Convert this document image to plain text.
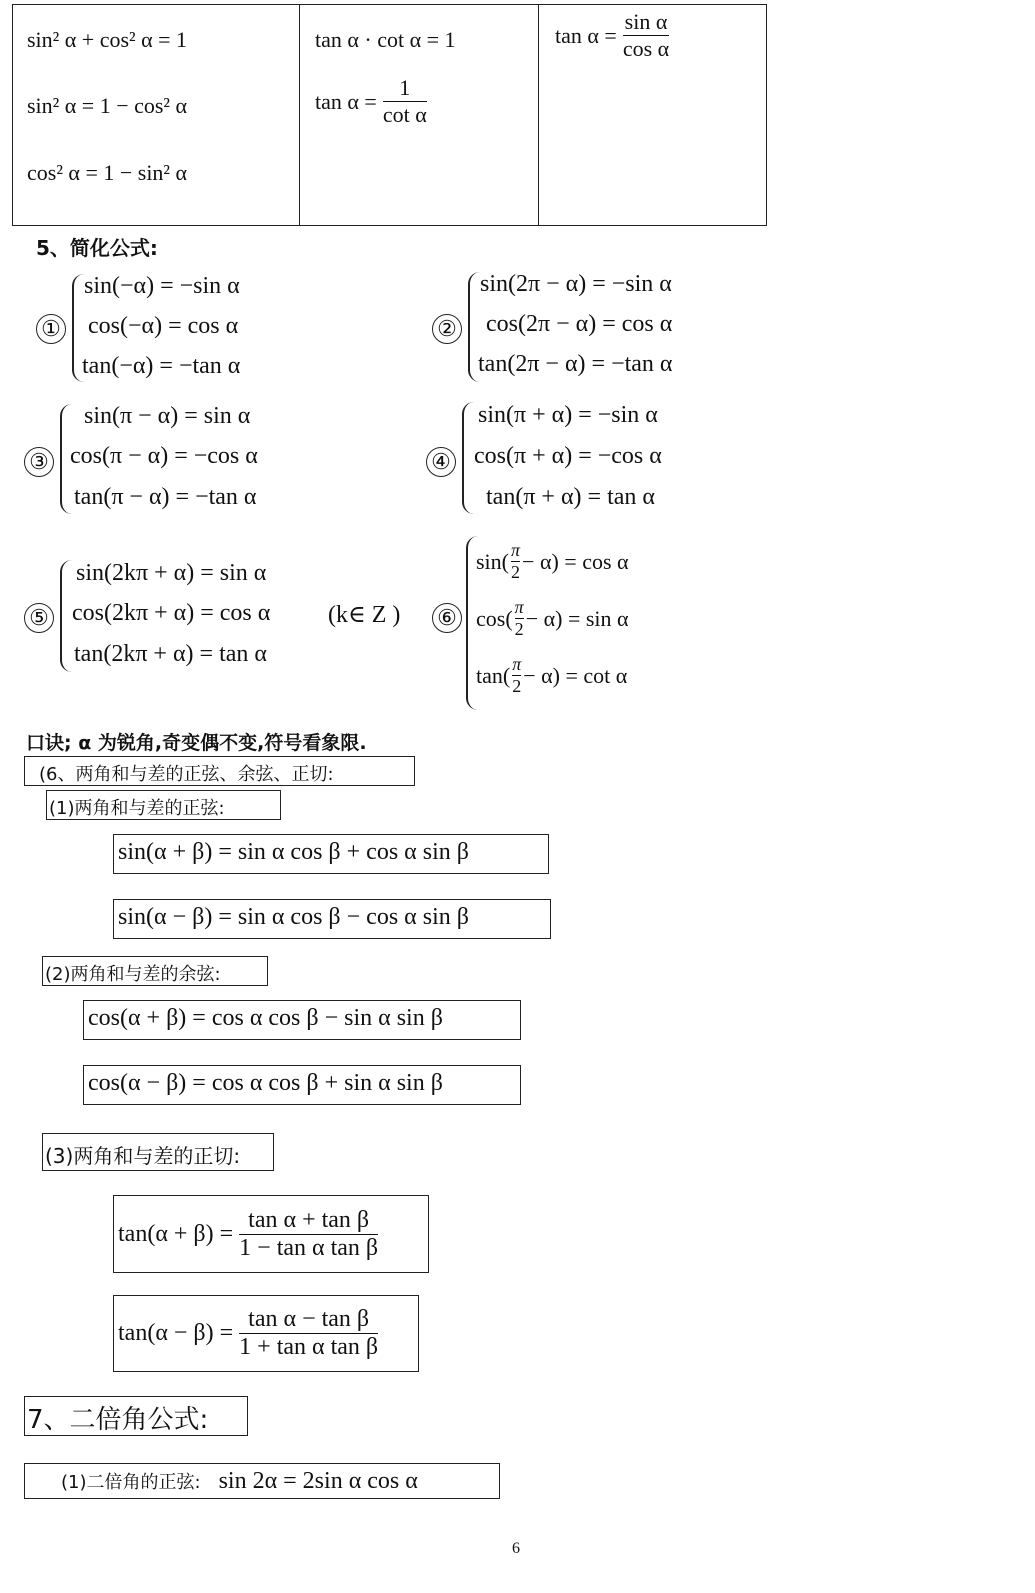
sin² α + cos² α = 1
sin² α = 1 − cos² α
cos² α = 1 − sin² α
tan α · cot α = 1
$\tan \alpha = \frac{1}{\text{cot α}}$
$\tan \alpha = \frac{\text{sin α}}{\text{cos α}}$
5、简化公式:
①
sin(−α) = −sin α
cos(−α) = cos α
tan(−α) = −tan α
②
sin(2π − α) = −sin α
cos(2π − α) = cos α
tan(2π − α) = −tan α
③
sin(π − α) = sin α
cos(π − α) = −cos α
tan(π − α) = −tan α
④
sin(π + α) = −sin α
cos(π + α) = −cos α
tan(π + α) = tan α
⑤
sin(2kπ + α) = sin α
cos(2kπ + α) = cos α
tan(2kπ + α) = tan α
(k∈ Z ) ⑥
$\sin( \frac{\pi}{2} - \alpha) = \cos \alpha$
$\cos( \frac{\pi}{2} - \alpha) = \sin \alpha$
$\tan( \frac{\pi}{2} - \alpha) = \cot \alpha$
口诀; α 为锐角,奇变偶不变,符号看象限.
(6、两角和与差的正弦、余弦、正切:
(1)两角和与差的正弦:
sin(α + β) = sin α cos β + cos α sin β
sin(α − β) = sin α cos β − cos α sin β
(2)两角和与差的余弦:
cos(α + β) = cos α cos β − sin α sin β
cos(α − β) = cos α cos β + sin α sin β
(3)两角和与差的正切:
$\tan(\alpha + \beta) = \frac{\text{tan α + tan β}}{\text{1 − tan α tan β}}$
$\tan(\alpha - \beta) = \frac{\text{tan α − tan β}}{\text{1 + tan α tan β}}$
7、二倍角公式:
(1)二倍角的正弦: sin 2α = 2sin α cos α
6
